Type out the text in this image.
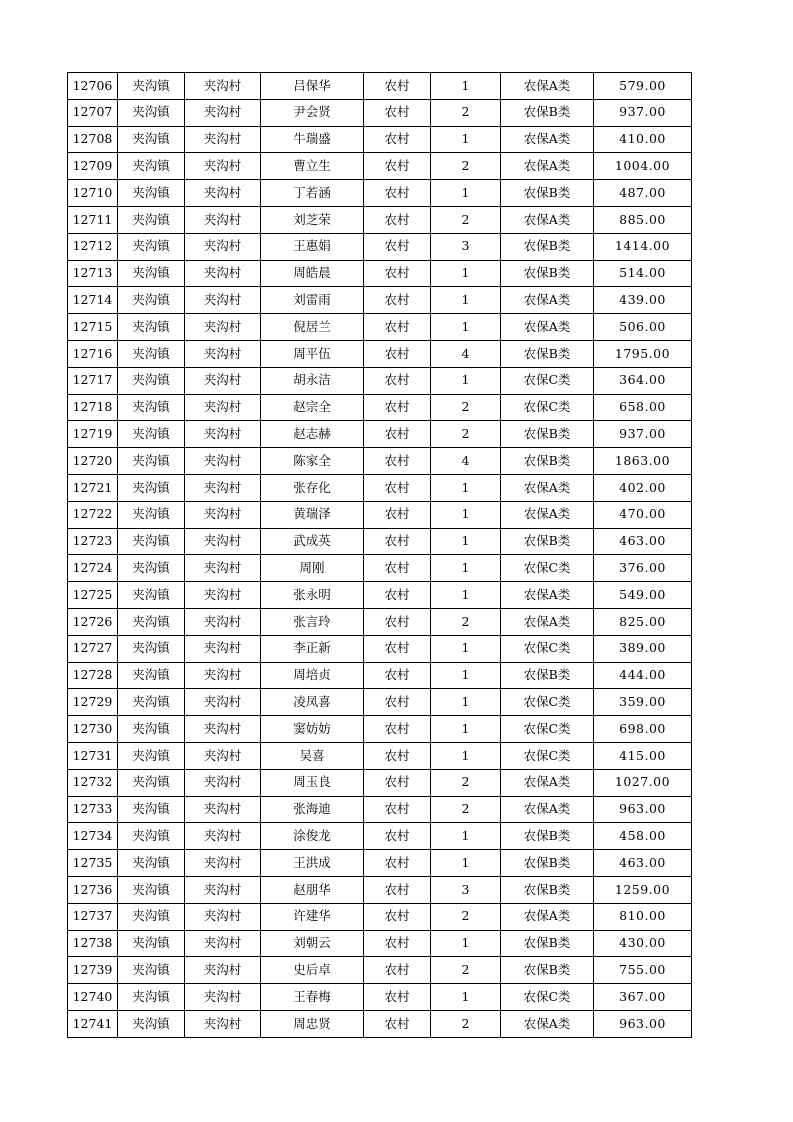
12706	夹沟镇	夹沟村	吕保华	农村	1	农保A类	579.00
12707	夹沟镇	夹沟村	尹会贤	农村	2	农保B类	937.00
12708	夹沟镇	夹沟村	牛瑞盛	农村	1	农保A类	410.00
12709	夹沟镇	夹沟村	曹立生	农村	2	农保A类	1004.00
12710	夹沟镇	夹沟村	丁若涵	农村	1	农保B类	487.00
12711	夹沟镇	夹沟村	刘芝荣	农村	2	农保A类	885.00
12712	夹沟镇	夹沟村	王惠娟	农村	3	农保B类	1414.00
12713	夹沟镇	夹沟村	周皓晨	农村	1	农保B类	514.00
12714	夹沟镇	夹沟村	刘雷雨	农村	1	农保A类	439.00
12715	夹沟镇	夹沟村	倪居兰	农村	1	农保A类	506.00
12716	夹沟镇	夹沟村	周平伍	农村	4	农保B类	1795.00
12717	夹沟镇	夹沟村	胡永洁	农村	1	农保C类	364.00
12718	夹沟镇	夹沟村	赵宗全	农村	2	农保C类	658.00
12719	夹沟镇	夹沟村	赵志赫	农村	2	农保B类	937.00
12720	夹沟镇	夹沟村	陈家全	农村	4	农保B类	1863.00
12721	夹沟镇	夹沟村	张存化	农村	1	农保A类	402.00
12722	夹沟镇	夹沟村	黄瑞泽	农村	1	农保A类	470.00
12723	夹沟镇	夹沟村	武成英	农村	1	农保B类	463.00
12724	夹沟镇	夹沟村	周刚	农村	1	农保C类	376.00
12725	夹沟镇	夹沟村	张永明	农村	1	农保A类	549.00
12726	夹沟镇	夹沟村	张言玲	农村	2	农保A类	825.00
12727	夹沟镇	夹沟村	李正新	农村	1	农保C类	389.00
12728	夹沟镇	夹沟村	周培贞	农村	1	农保B类	444.00
12729	夹沟镇	夹沟村	凌凤喜	农村	1	农保C类	359.00
12730	夹沟镇	夹沟村	窦妨妨	农村	1	农保C类	698.00
12731	夹沟镇	夹沟村	吴喜	农村	1	农保C类	415.00
12732	夹沟镇	夹沟村	周玉良	农村	2	农保A类	1027.00
12733	夹沟镇	夹沟村	张海迪	农村	2	农保A类	963.00
12734	夹沟镇	夹沟村	涂俊龙	农村	1	农保B类	458.00
12735	夹沟镇	夹沟村	王洪成	农村	1	农保B类	463.00
12736	夹沟镇	夹沟村	赵朋华	农村	3	农保B类	1259.00
12737	夹沟镇	夹沟村	许建华	农村	2	农保A类	810.00
12738	夹沟镇	夹沟村	刘朝云	农村	1	农保B类	430.00
12739	夹沟镇	夹沟村	史后卓	农村	2	农保B类	755.00
12740	夹沟镇	夹沟村	王春梅	农村	1	农保C类	367.00
12741	夹沟镇	夹沟村	周忠贤	农村	2	农保A类	963.00
